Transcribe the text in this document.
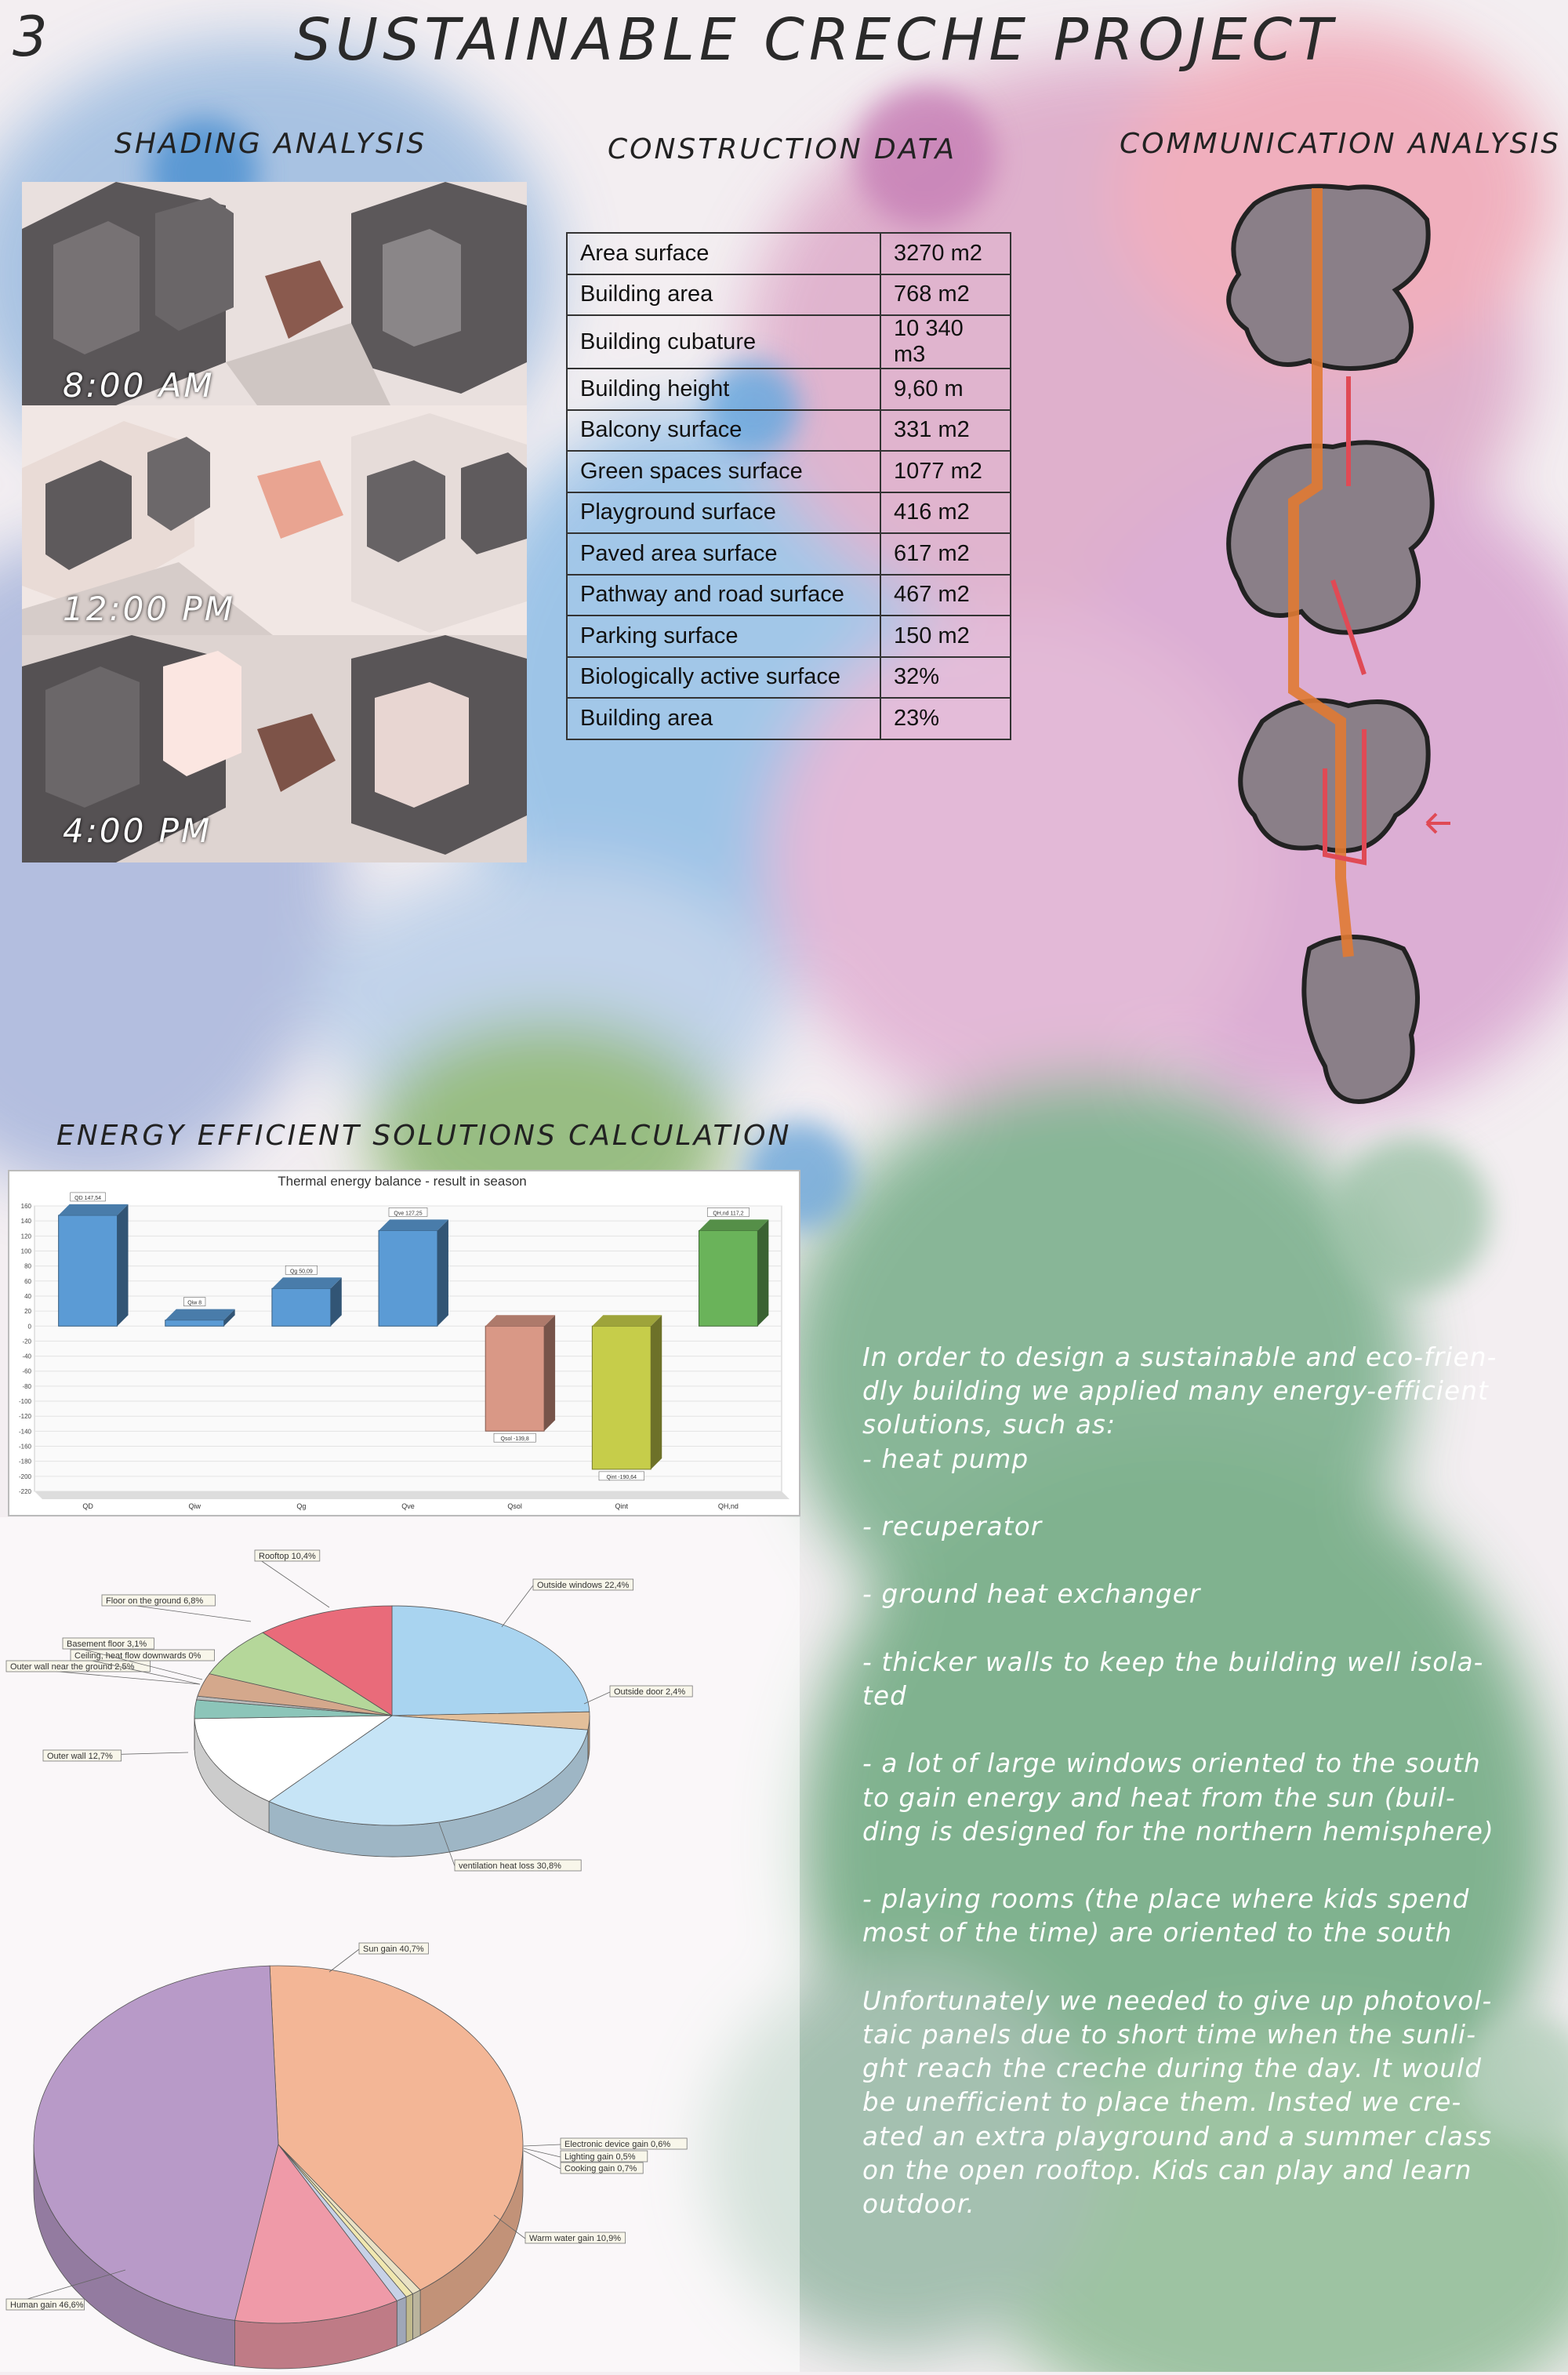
3	SUSTAINABLE CRECHE PROJECT
SHADING ANALYSIS
8:00 AM
12:00 PM
4:00 PM
CONSTRUCTION DATA
Area surface	3270 m2
Building area	768 m2
Building cubature	10 340 m3
Building height	9,60 m
Balcony surface	331 m2
Green spaces surface	1077 m2
Playground surface	416 m2
Paved area surface	617 m2
Pathway and road surface	467 m2
Parking surface	150 m2
Biologically active surface	32%
Building area	23%
COMMUNICATION ANALYSIS
ENERGY EFFICIENT SOLUTIONS CALCULATION
Thermal energy balance - result in season
160
140
120
100
80
60
40
20
0
-20
-40
-60
-80
-100
-120
-140
-160
-180
-200
-220
QD 147,54
QD
Qiw 8
Qiw
Qg 50,09
Qg
Qve 127,25
Qve
Qsol -139,8
Qsol
Qint -190,64
Qint
QH,nd 117,2
QH,nd
Outside windows 22,4%
Outside door 2,4%
ventilation heat loss 30,8%
Outer wall 12,7%
Outer wall near the ground 2,5%
Ceiling, heat flow downwards 0%
Basement floor 3,1%
Floor on the ground 6,8%
Rooftop 10,4%
Sun gain 40,7%
Electronic device gain 0,6%
Lighting gain 0,5%
Cooking gain 0,7%
Warm water gain 10,9%
Human gain 46,6%
In order to design a sustainable and eco-frien-
dly building we applied many energy-efficient
solutions, such as:
- heat pump

- recuperator

- ground heat exchanger

- thicker walls to keep the building well isola-
ted

- a lot of large windows oriented to the south
to gain energy and heat from the sun (buil-
ding is designed for the northern hemisphere)

- playing rooms (the place where kids spend
most of the time) are oriented to the south

Unfortunately we needed to give up photovol-
taic panels due to short time when the sunli-
ght reach the creche during the day. It would
be unefficient to place them. Insted we cre-
ated an extra playground and a summer class
on the open rooftop. Kids can play and learn
outdoor.
